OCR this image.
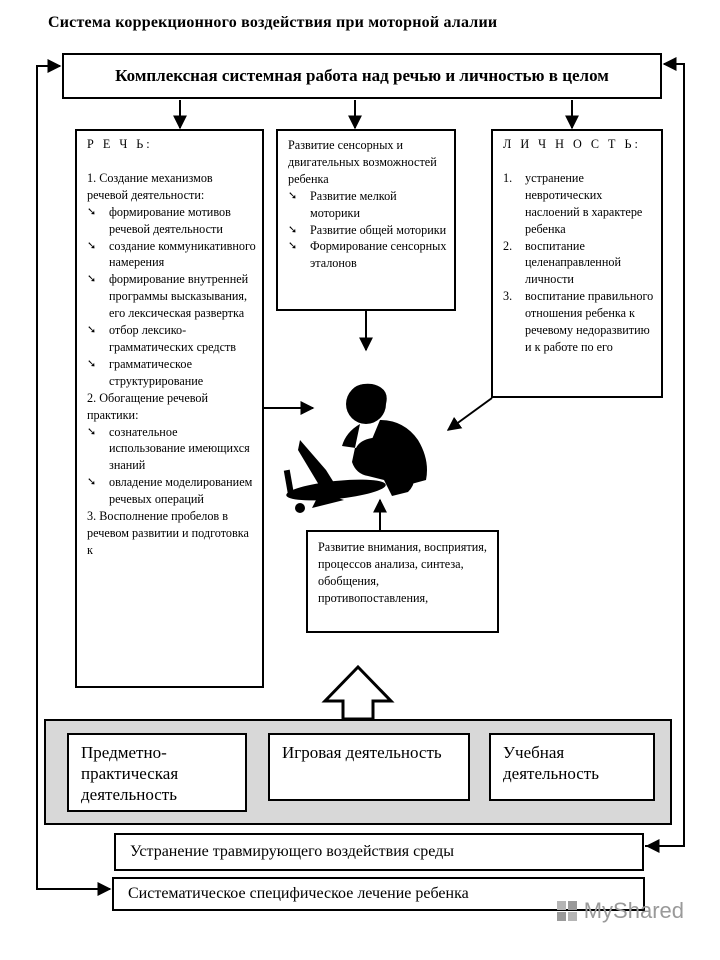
Система коррекционного воздействия при моторной алалии
Комплексная системная работа над речью и личностью в целом
Р Е Ч Ь:
1. Создание механизмов речевой деятельности:
➘ формирование мотивов речевой деятельности
➘ создание коммуникативного намерения
➘ формирование внутренней программы высказывания, его лексическая развертка
➘ отбор лексико-грамматических средств
➘ грамматическое структурирование
2. Обогащение речевой практики:
➘ сознательное использование имеющихся знаний
➘ овладение моделированием речевых операций
3. Восполнение пробелов в речевом развитии и подготовка к
Развитие сенсорных и двигательных возможностей ребенка
➘ Развитие мелкой моторики
➘ Развитие общей моторики
➘ Формирование сенсорных эталонов
Л И Ч Н О С Т Ь:
1. устранение невротических наслоений в характере ребенка
2. воспитание целенаправленной личности
3. воспитание правильного отношения ребенка к речевому недоразвитию и к работе по его
Развитие внимания, восприятия, процессов анализа, синтеза, обобщения, противопоставления,
Предметно-практическая деятельность
Игровая деятельность	Учебная деятельность
Устранение травмирующего воздействия среды
Систематическое специфическое лечение ребенка
MyShared
